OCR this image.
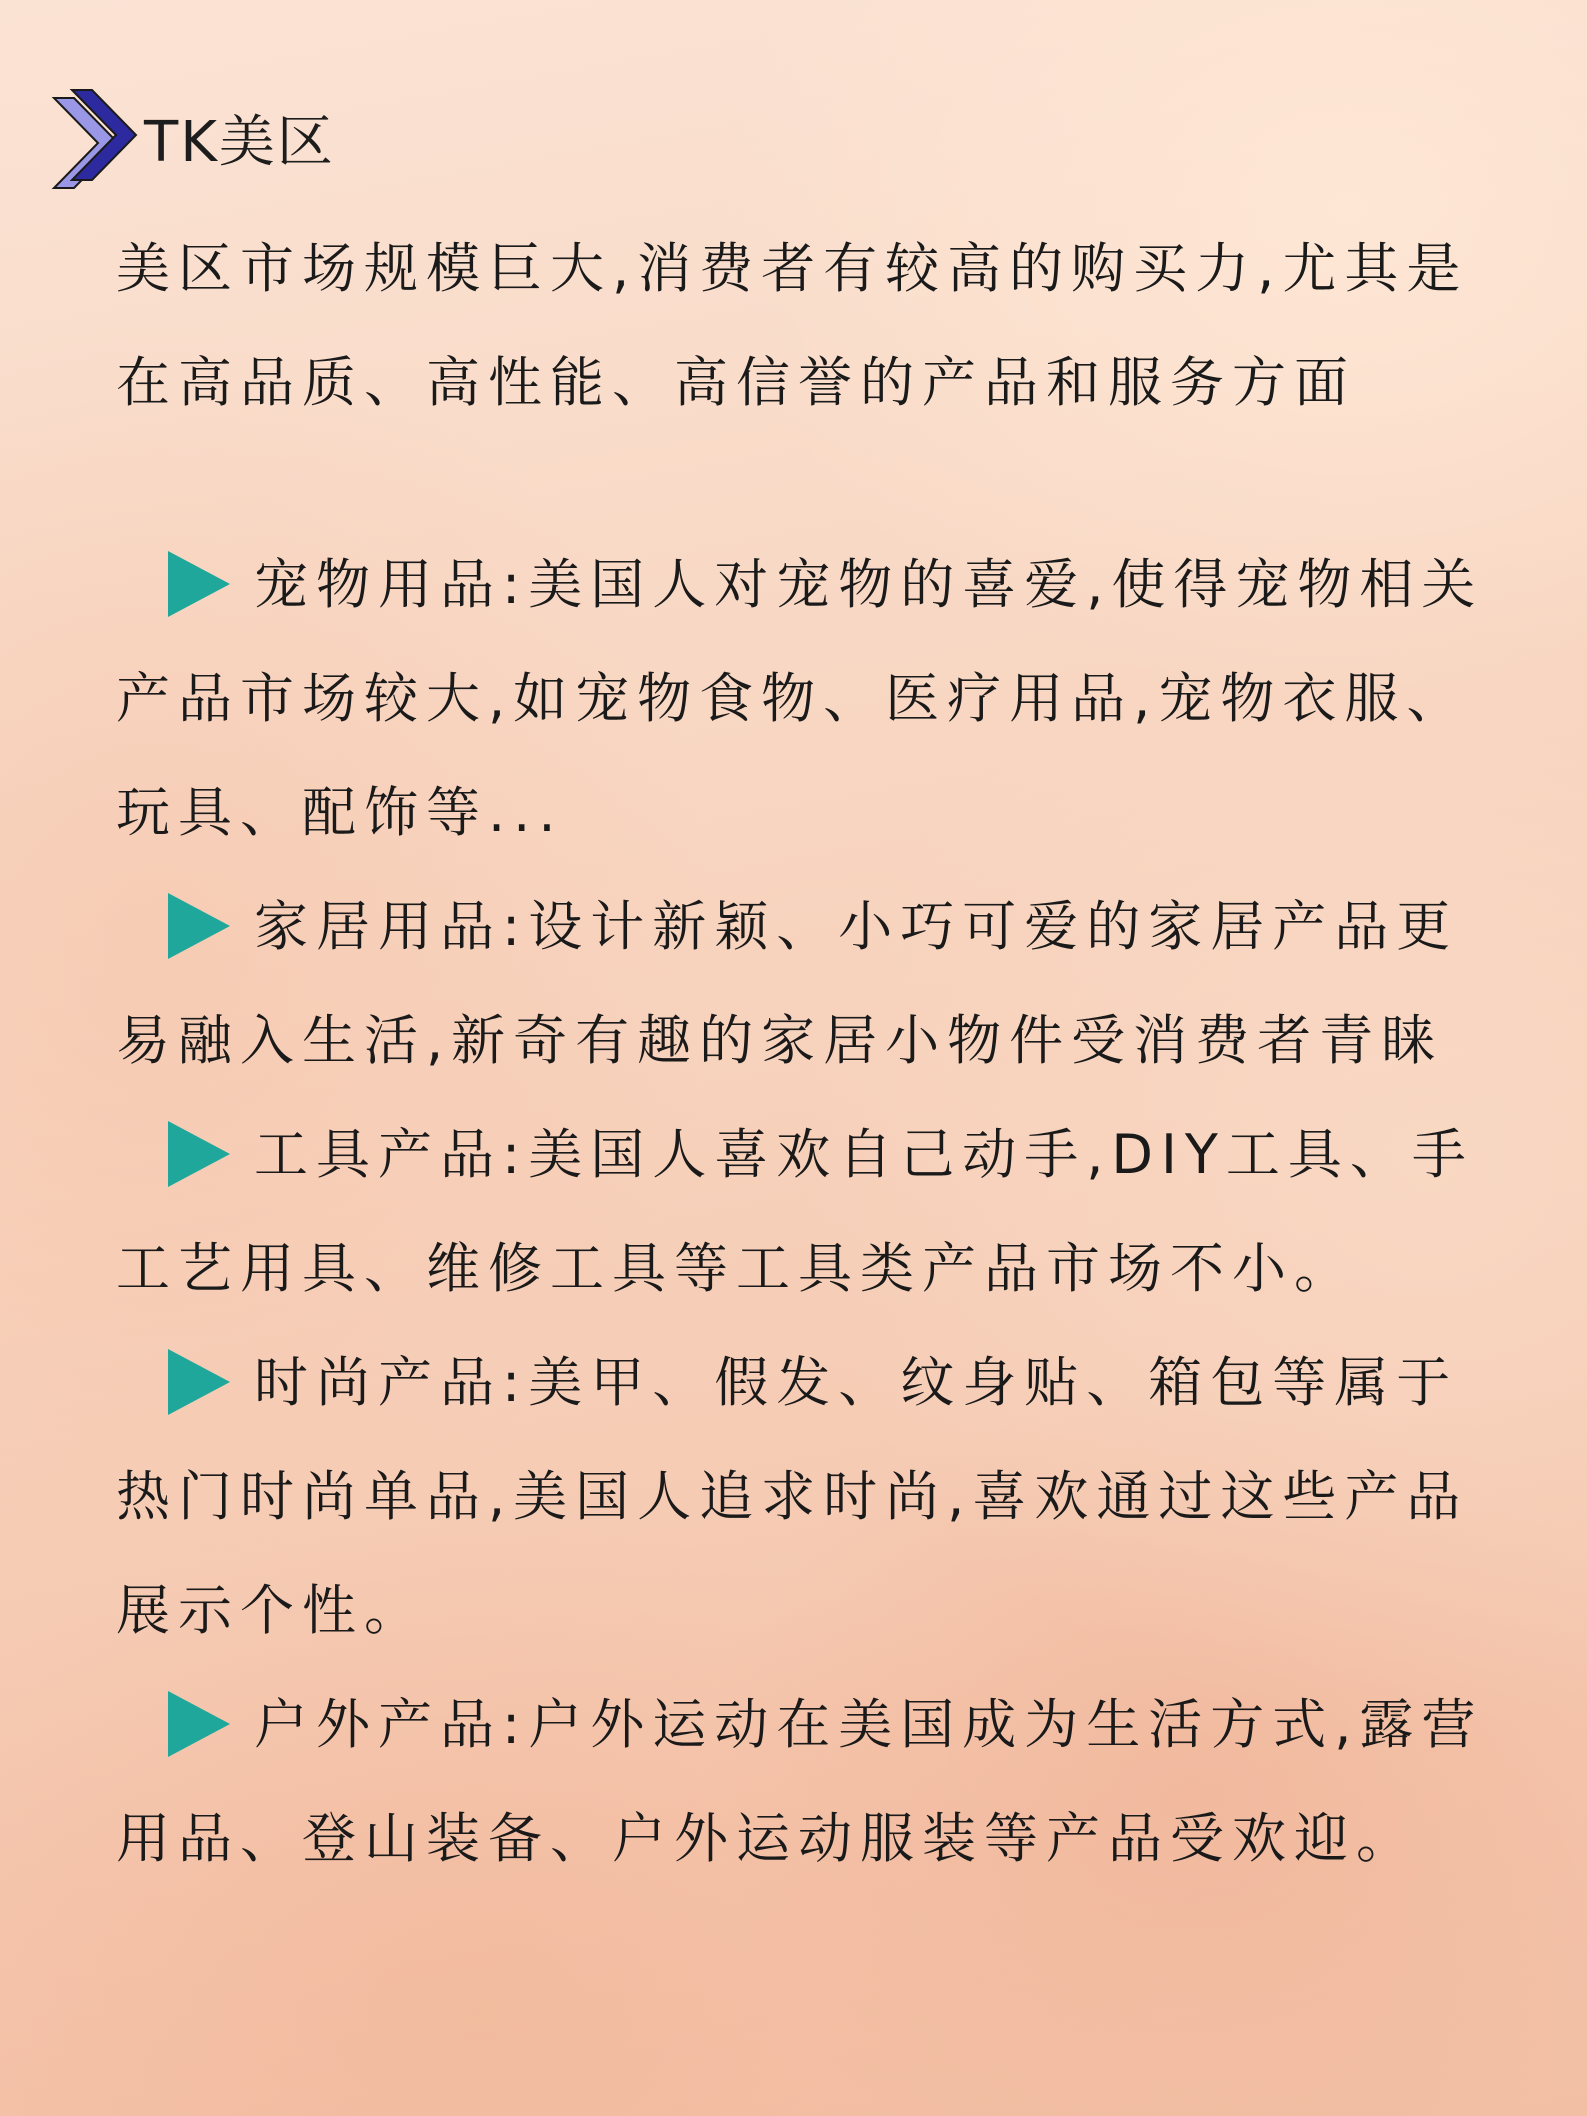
TK美区
美区市场规模巨大,消费者有较高的购买力,尤其是在高品质、高性能、高信誉的产品和服务方面
宠物用品:美国人对宠物的喜爱,使得宠物相关产品市场较大,如宠物食物、医疗用品,宠物衣服、玩具、配饰等...
家居用品:设计新颖、小巧可爱的家居产品更易融入生活,新奇有趣的家居小物件受消费者青睐
工具产品:美国人喜欢自己动手,DIY工具、手工艺用具、维修工具等工具类产品市场不小。
时尚产品:美甲、假发、纹身贴、箱包等属于热门时尚单品,美国人追求时尚,喜欢通过这些产品展示个性。
户外产品:户外运动在美国成为生活方式,露营用品、登山装备、户外运动服装等产品受欢迎。
